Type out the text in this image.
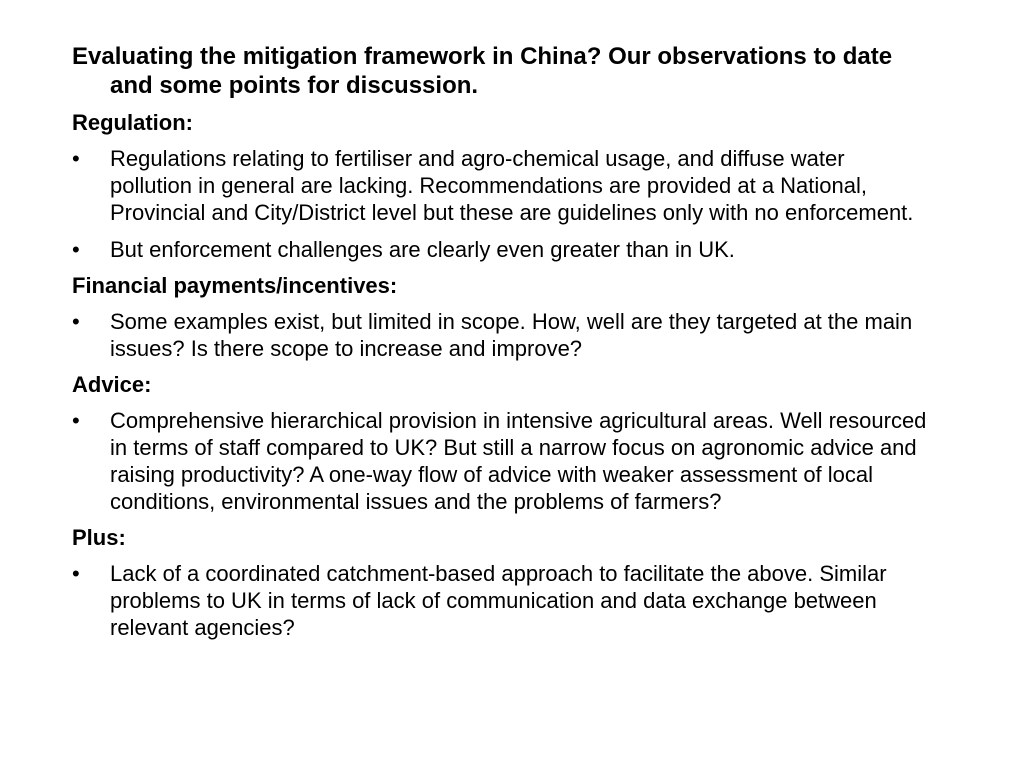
Evaluating the mitigation framework in China? Our observations to date and some points for discussion.
Regulation:
• Regulations relating to fertiliser and agro-chemical usage, and diffuse water pollution in general are lacking. Recommendations are provided at a National, Provincial and City/District level but these are guidelines only with no enforcement.
• But enforcement challenges are clearly even greater than in UK.
Financial payments/incentives:
• Some examples exist, but limited in scope. How, well are they targeted at the main issues? Is there scope to increase and improve?
Advice:
• Comprehensive hierarchical provision in intensive agricultural areas. Well resourced in terms of staff compared to UK? But still a narrow focus on agronomic advice and raising productivity? A one-way flow of advice with weaker assessment of local conditions, environmental issues and the problems of farmers?
Plus:
• Lack of a coordinated catchment-based approach to facilitate the above. Similar problems to UK in terms of lack of communication and data exchange between relevant agencies?
